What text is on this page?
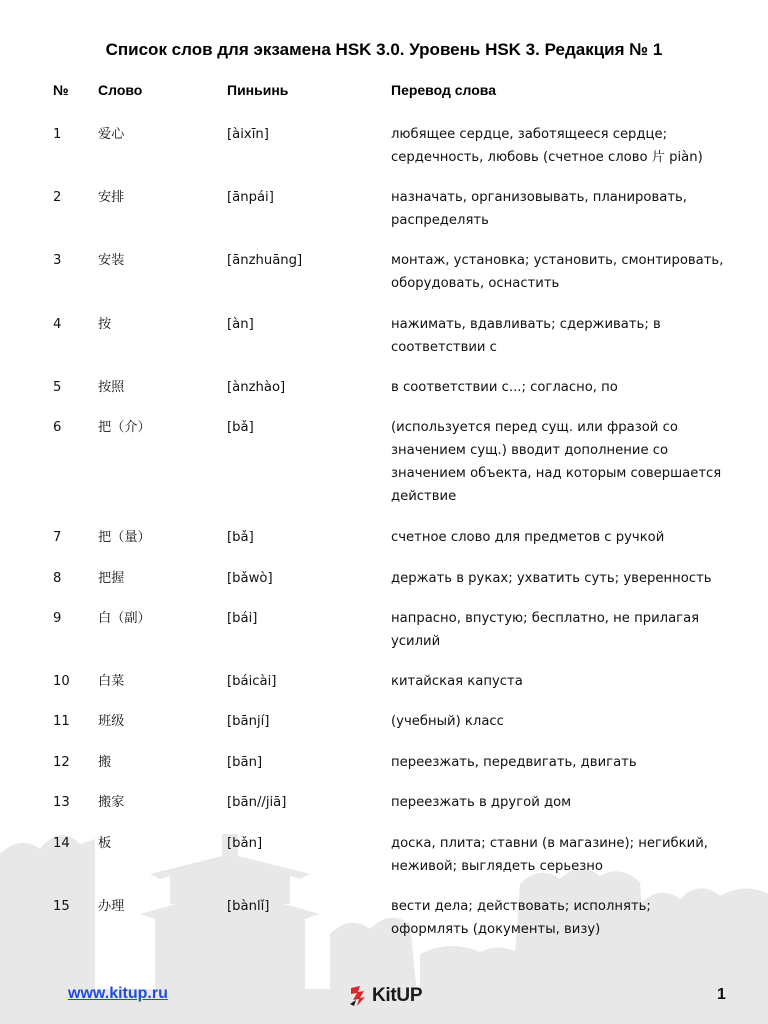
Список слов для экзамена HSK 3.0. Уровень HSK 3. Редакция № 1
№ Слово	Пиньинь	Перевод слова
1	爱心	[àixīn]	любящее сердце, заботящееся сердце; сердечность, любовь (счетное слово 片 piàn)
2	安排	[ānpái]	назначать, организовывать, планировать, распределять
3	安装	[ānzhuāng]	монтаж, установка; установить, смонтировать, оборудовать, оснастить
4	按	[àn]	нажимать, вдавливать; сдерживать; в соответствии с
5	按照	[ànzhào]	в соответствии с...; согласно, по
6	把（介）	[bǎ]	(используется перед сущ. или фразой со значением сущ.) вводит дополнение со значением объекта, над которым совершается действие
7	把（量）	[bǎ]	счетное слово для предметов с ручкой
8	把握	[bǎwò]	держать в руках; ухватить суть; уверенность
9	白（副）	[bái]	напрасно, впустую; бесплатно, не прилагая усилий
10 白菜	[báicài]	китайская капуста
11 班级	[bānjí]	(учебный) класс
12 搬	[bān]	переезжать, передвигать, двигать
13 搬家	[bān//jiā]	переезжать в другой дом
14 板	[bǎn]	доска, плита; ставни (в магазине); негибкий, неживой; выглядеть серьезно
15 办理	[bànlǐ]	вести дела; действовать; исполнять; оформлять (документы, визу)
www.kitup.ru	KitUP	1
